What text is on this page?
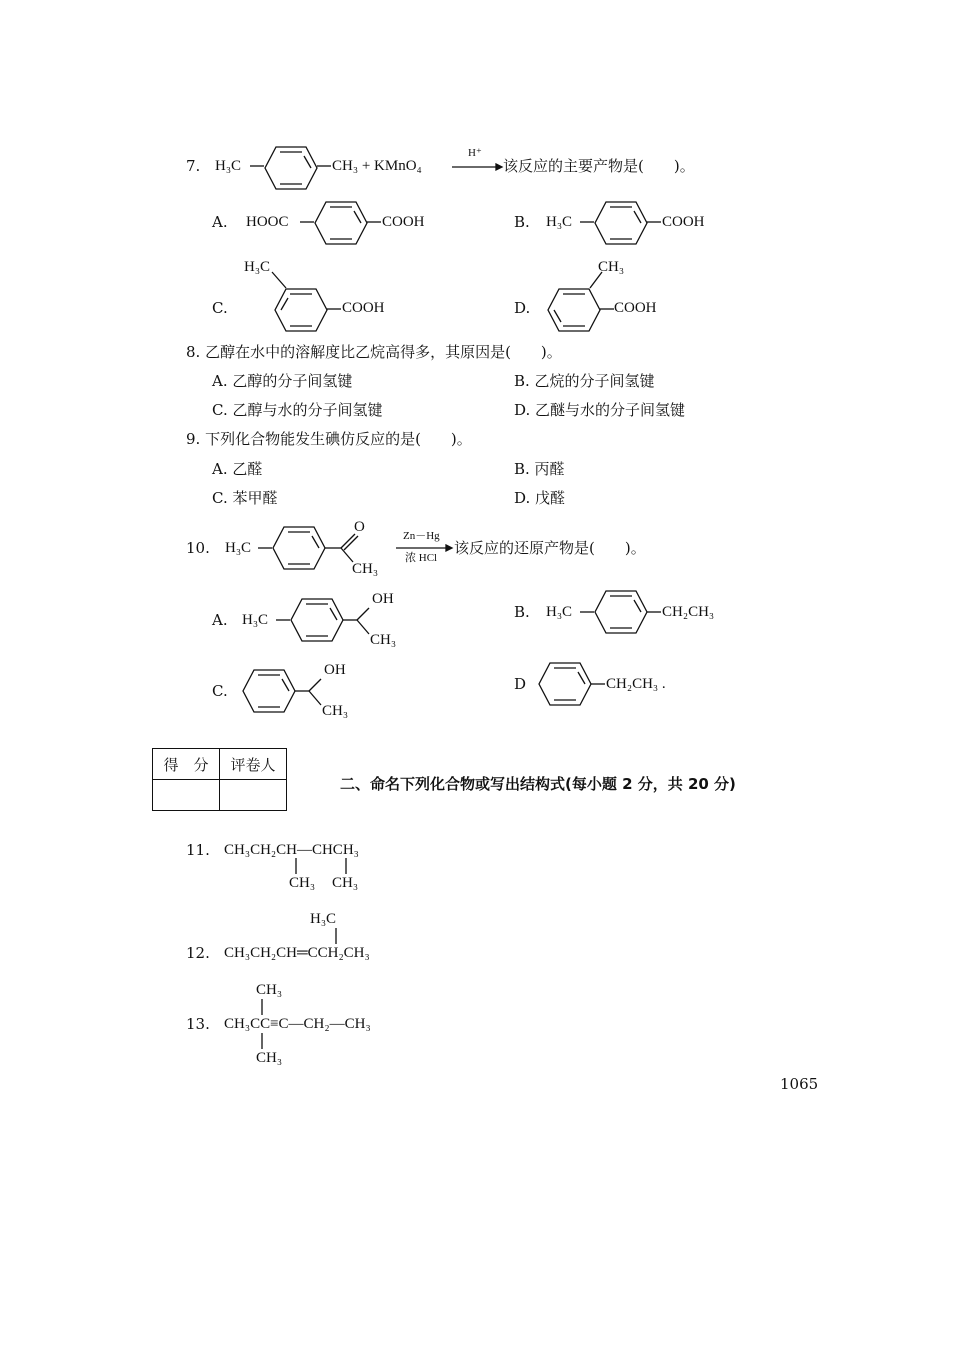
7. H₃C	CH₃ + KMnO₄
H⁺
该反应的主要产物是(　　)。
A. HOOC	COOH	B. H₃C	COOH
C.
H₃C
COOH	D.
CH₃
COOH
8. 乙醇在水中的溶解度比乙烷高得多，其原因是(　　)。
A. 乙醇的分子间氢键	B. 乙烷的分子间氢键
C. 乙醇与水的分子间氢键	D. 乙醚与水的分子间氢键
9. 下列化合物能发生碘仿反应的是(　　)。
A. 乙醛	B. 丙醛
C. 苯甲醛	D. 戊醛
10. H₃C
O
CH₃
Zn－Hg
浓 HCl
该反应的还原产物是(　　)。
A. H₃C
OH
CH₃
B. H₃C	CH₂CH₃
C.
OH
CH₃
D	CH₂CH₃ .
得　分	评卷人

二、命名下列化合物或写出结构式(每小题 2 分，共 20 分)
11. CH₃CH₂CH—CHCH₃
CH₃ CH₃
H₃C
12. CH₃CH₂CH═CCH₂CH₃
CH₃
13. CH₃CC≡C—CH₂—CH₃
CH₃
1065
